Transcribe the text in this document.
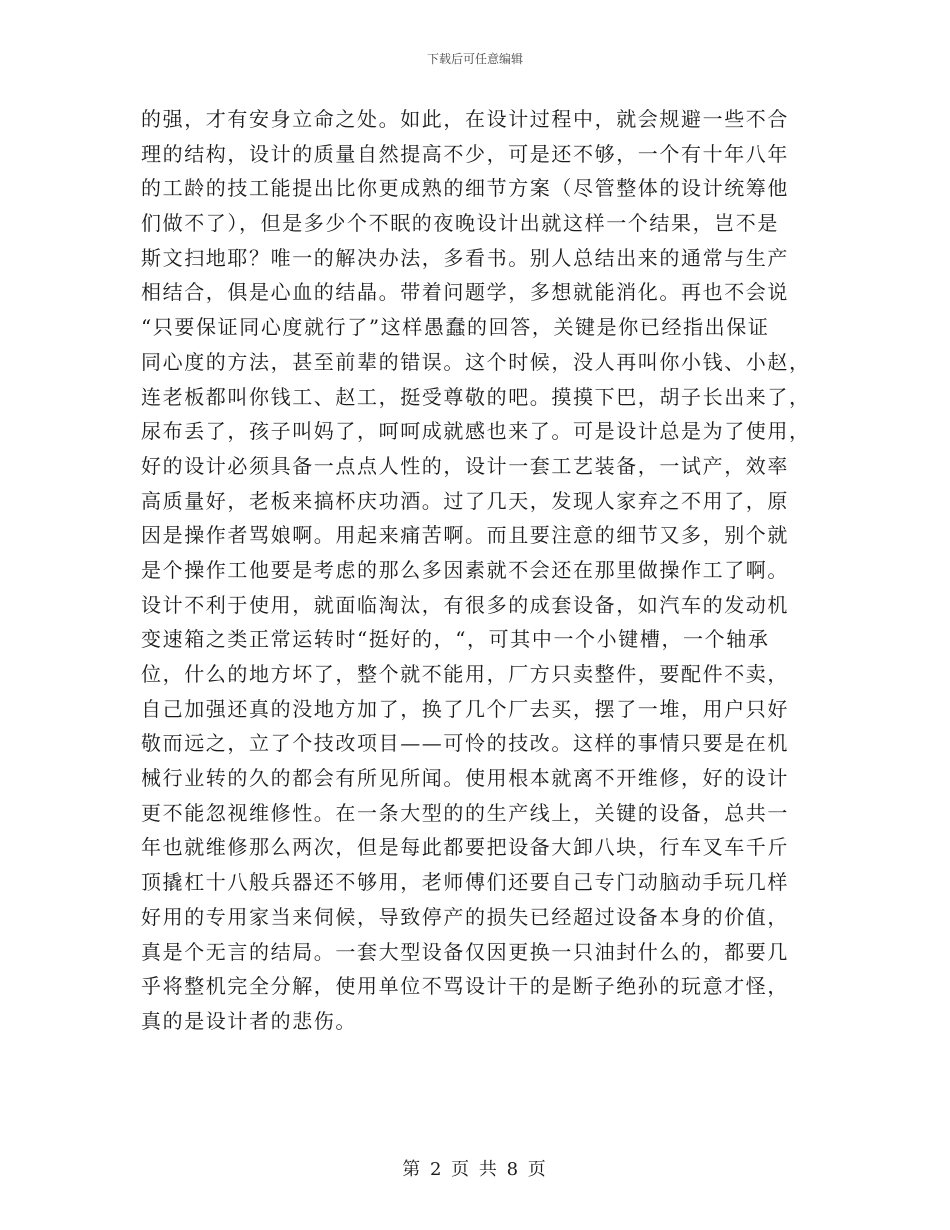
下载后可任意编辑
的强，才有安身立命之处。如此，在设计过程中，就会规避一些不合
理的结构，设计的质量自然提高不少，可是还不够，一个有十年八年
的工龄的技工能提出比你更成熟的细节方案（尽管整体的设计统筹他
们做不了），但是多少个不眠的夜晚设计出就这样一个结果，岂不是
斯文扫地耶？唯一的解决办法，多看书。别人总结出来的通常与生产
相结合，俱是心血的结晶。带着问题学，多想就能消化。再也不会说
“只要保证同心度就行了”这样愚蠢的回答，关键是你已经指出保证
同心度的方法，甚至前辈的错误。这个时候，没人再叫你小钱、小赵，
连老板都叫你钱工、赵工，挺受尊敬的吧。摸摸下巴，胡子长出来了，
尿布丢了，孩子叫妈了，呵呵成就感也来了。可是设计总是为了使用，
好的设计必须具备一点点人性的，设计一套工艺装备，一试产，效率
高质量好，老板来搞杯庆功酒。过了几天，发现人家弃之不用了，原
因是操作者骂娘啊。用起来痛苦啊。而且要注意的细节又多，别个就
是个操作工他要是考虑的那么多因素就不会还在那里做操作工了啊。
设计不利于使用，就面临淘汰，有很多的成套设备，如汽车的发动机
变速箱之类正常运转时“挺好的，“，可其中一个小键槽，一个轴承
位，什么的地方坏了，整个就不能用，厂方只卖整件，要配件不卖，
自己加强还真的没地方加了，换了几个厂去买，摆了一堆，用户只好
敬而远之，立了个技改项目——可怜的技改。这样的事情只要是在机
械行业转的久的都会有所见所闻。使用根本就离不开维修，好的设计
更不能忽视维修性。在一条大型的的生产线上，关键的设备，总共一
年也就维修那么两次，但是每此都要把设备大卸八块，行车叉车千斤
顶撬杠十八般兵器还不够用，老师傅们还要自己专门动脑动手玩几样
好用的专用家当来伺候，导致停产的损失已经超过设备本身的价值，
真是个无言的结局。一套大型设备仅因更换一只油封什么的，都要几
乎将整机完全分解，使用单位不骂设计干的是断子绝孙的玩意才怪，
真的是设计者的悲伤。
第 2 页 共 8 页
